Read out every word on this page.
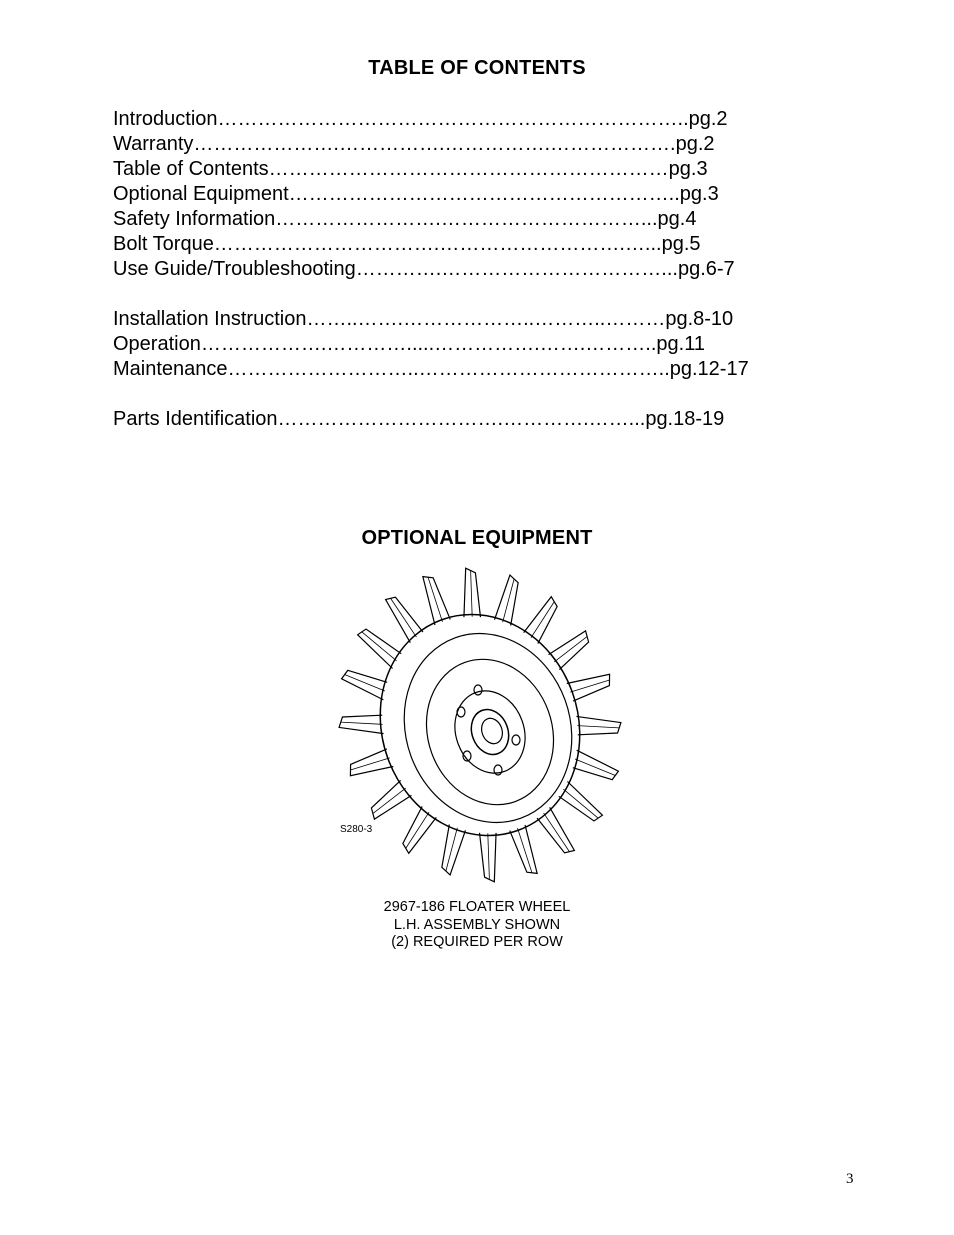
TABLE OF CONTENTS
Introduction……………………………………………………………..pg.2
Warranty………………….…………….…………….……………….pg.2
Table of Contents……………………………………………………pg.3
Optional Equipment…………………………………………………..pg.3
Safety Information…………………….…………………………...pg.4
Bolt Torque…………………………….……………………….…...pg.5
Use Guide/Troubleshooting………….……………………………...pg.6-7
Installation Instruction……..…….………………..………..………pg.8-10
Operation……………….………….....…………….…….………..pg.11
Maintenance………………………..………………………………..pg.12-17
Parts Identification…………………………….………….……...pg.18-19
OPTIONAL EQUIPMENT
S280-3
2967-186 FLOATER WHEEL
L.H. ASSEMBLY SHOWN
(2) REQUIRED PER ROW
3
